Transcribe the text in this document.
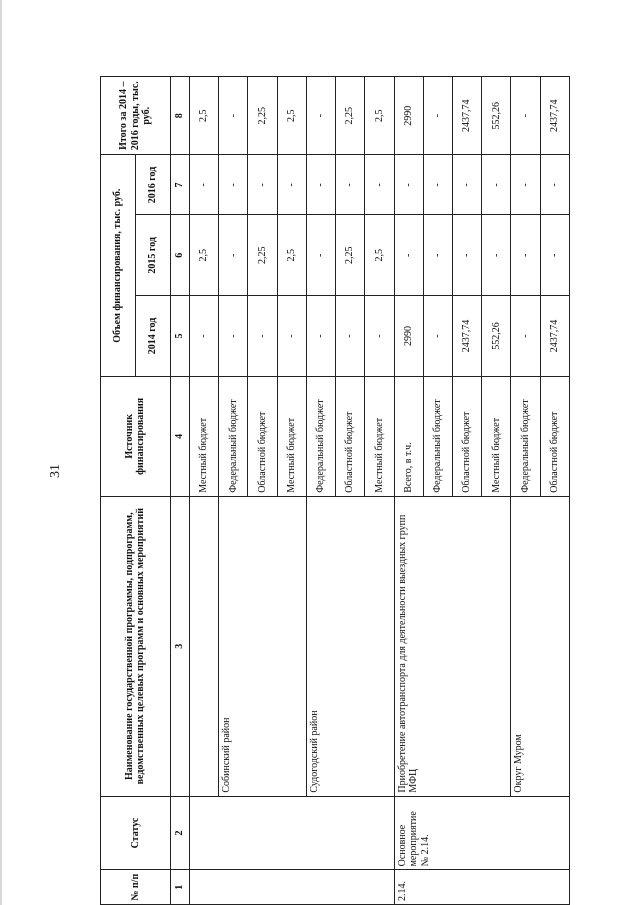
31
№ п/п	Статус	Наименование государственной программы, подпрограмм, ведомственных целевых программ и основных мероприятий	Источник финансирования	Объем финансирования, тыс. руб.			Итого за 2014 – 2016 годы, тыс. руб.
				2014 год	2015 год	2016 год	
1	2	3	4	5	6	7	8
			Местный бюджет	-	2,5	-	2,5
		Собинский район	Федеральный бюджет	-	-	-	-
			Областной бюджет	-	2,25	-	2,25
			Местный бюджет	-	2,5	-	2,5
		Судогодский район	Федеральный бюджет	-	-	-	-
			Областной бюджет	-	2,25	-	2,25
			Местный бюджет	-	2,5	-	2,5
2.14.	Основное мероприятие № 2.14.	Приобретение автотранспорта для деятельности выездных групп МФЦ	Всего, в т.ч.	2990	-	-	2990
			Федеральный бюджет	-	-	-	-
			Областной бюджет	2437,74	-	-	2437,74
			Местный бюджет	552,26	-	-	552,26
		Округ Муром	Федеральный бюджет	-	-	-	-
			Областной бюджет	2437,74	-	-	2437,74
